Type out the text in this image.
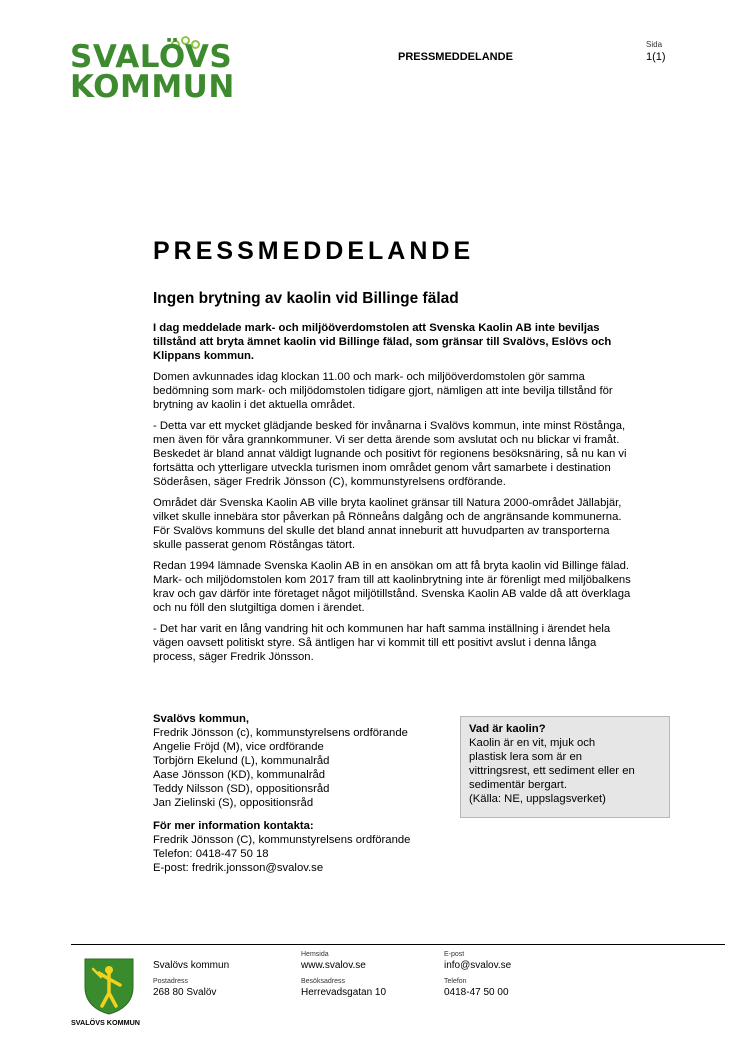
SVALÖVS
KOMMUN
PRESSMEDDELANDE
Sida
1(1)
PRESSMEDDELANDE
Ingen brytning av kaolin vid Billinge fälad

I dag meddelade mark- och miljööverdomstolen att Svenska Kaolin AB inte beviljas tillstånd att bryta ämnet kaolin vid Billinge fälad, som gränsar till Svalövs, Eslövs och Klippans kommun.

Domen avkunnades idag klockan 11.00 och mark- och miljööverdomstolen gör samma bedömning som mark- och miljödomstolen tidigare gjort, nämligen att inte bevilja tillstånd för brytning av kaolin i det aktuella området.

- Detta var ett mycket glädjande besked för invånarna i Svalövs kommun, inte minst Röstånga, men även för våra grannkommuner. Vi ser detta ärende som avslutat och nu blickar vi framåt. Beskedet är bland annat väldigt lugnande och positivt för regionens besöksnäring, så nu kan vi fortsätta och ytterligare utveckla turismen inom området genom vårt samarbete i destination Söderåsen, säger Fredrik Jönsson (C), kommunstyrelsens ordförande.

Området där Svenska Kaolin AB ville bryta kaolinet gränsar till Natura 2000-området Jällabjär, vilket skulle innebära stor påverkan på Rönneåns dalgång och de angränsande kommunerna. För Svalövs kommuns del skulle det bland annat inneburit att huvudparten av transporterna skulle passerat genom Röstångas tätort.

Redan 1994 lämnade Svenska Kaolin AB in en ansökan om att få bryta kaolin vid Billinge fälad. Mark- och miljödomstolen kom 2017 fram till att kaolinbrytning inte är förenligt med miljöbalkens krav och gav därför inte företaget något miljötillstånd. Svenska Kaolin AB valde då att överklaga och nu föll den slutgiltiga domen i ärendet.

- Det har varit en lång vandring hit och kommunen har haft samma inställning i ärendet hela vägen oavsett politiskt styre. Så äntligen har vi kommit till ett positivt avslut i denna långa process, säger Fredrik Jönsson.

Svalövs kommun,
Fredrik Jönsson (c), kommunstyrelsens ordförande
Angelie Fröjd (M), vice ordförande
Torbjörn Ekelund (L), kommunalråd
Aase Jönsson (KD), kommunalråd
Teddy Nilsson (SD), oppositionsråd
Jan Zielinski (S), oppositionsråd
För mer information kontakta:
Fredrik Jönsson (C), kommunstyrelsens ordförande
Telefon: 0418-47 50 18
E-post: fredrik.jonsson@svalov.se
Vad är kaolin?
Kaolin är en vit, mjuk och
plastisk lera som är en
vittringsrest, ett sediment eller en
sedimentär bergart.
(Källa: NE, uppslagsverket)
SVALÖVS KOMMUN
Svalövs kommun
Postadress
268 80 Svalöv
Hemsida
www.svalov.se
Besöksadress
Herrevadsgatan 10
E-post
info@svalov.se
Telefon
0418-47 50 00
